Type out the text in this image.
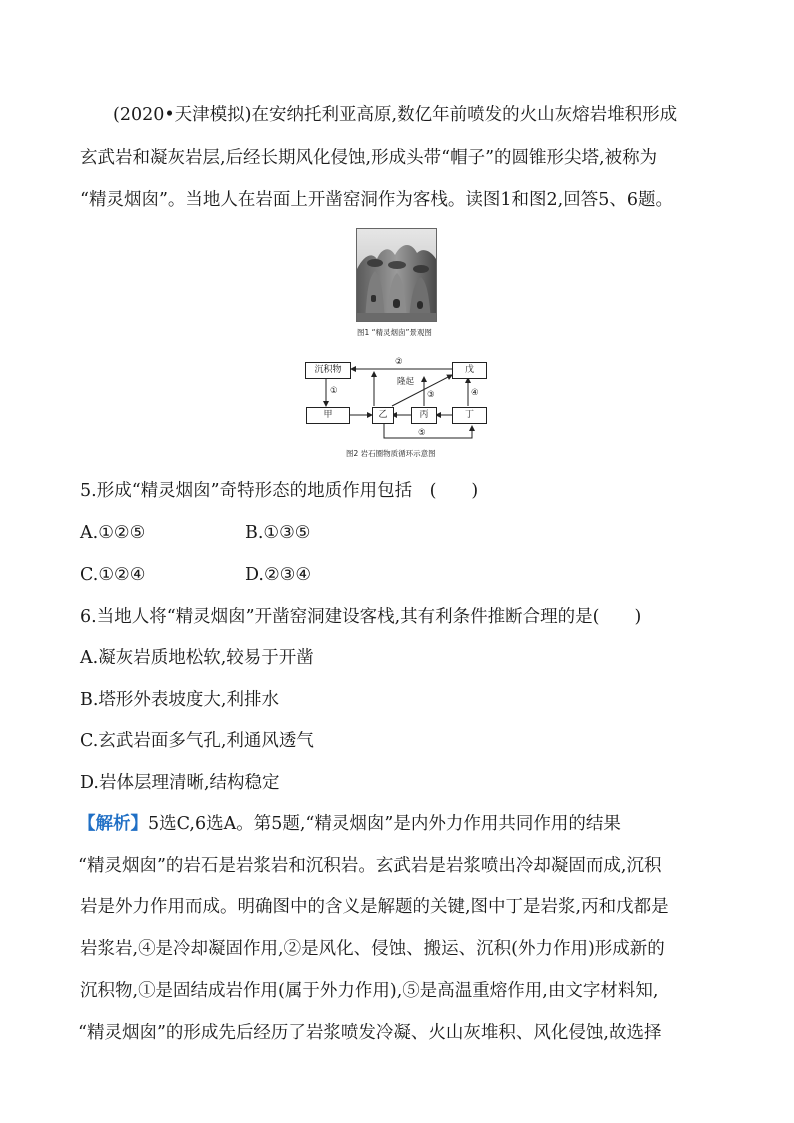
(2020•天津模拟)在安纳托利亚高原,数亿年前喷发的火山灰熔岩堆积形成
玄武岩和凝灰岩层,后经长期风化侵蚀,形成头带“帽子”的圆锥形尖塔,被称为
“精灵烟囱”。当地人在岩面上开凿窑洞作为客栈。读图1和图2,回答5、6题。
图1 “精灵烟囱”景观图
沉积物	戊
甲	乙	丙	丁
②
①
隆起
③	④
⑤
图2 岩石圈物质循环示意图
5.形成“精灵烟囱”奇特形态的地质作用包括　(　　)
A.①②⑤	B.①③⑤
C.①②④	D.②③④
6.当地人将“精灵烟囱”开凿窑洞建设客栈,其有利条件推断合理的是(　　)
A.凝灰岩质地松软,较易于开凿
B.塔形外表坡度大,利排水
C.玄武岩面多气孔,利通风透气
D.岩体层理清晰,结构稳定
【解析】5选C,6选A。第5题,“精灵烟囱”是内外力作用共同作用的结果
“精灵烟囱”的岩石是岩浆岩和沉积岩。玄武岩是岩浆喷出冷却凝固而成,沉积
岩是外力作用而成。明确图中的含义是解题的关键,图中丁是岩浆,丙和戊都是
岩浆岩,④是冷却凝固作用,②是风化、侵蚀、搬运、沉积(外力作用)形成新的
沉积物,①是固结成岩作用(属于外力作用),⑤是高温重熔作用,由文字材料知,
“精灵烟囱”的形成先后经历了岩浆喷发冷凝、火山灰堆积、风化侵蚀,故选择
